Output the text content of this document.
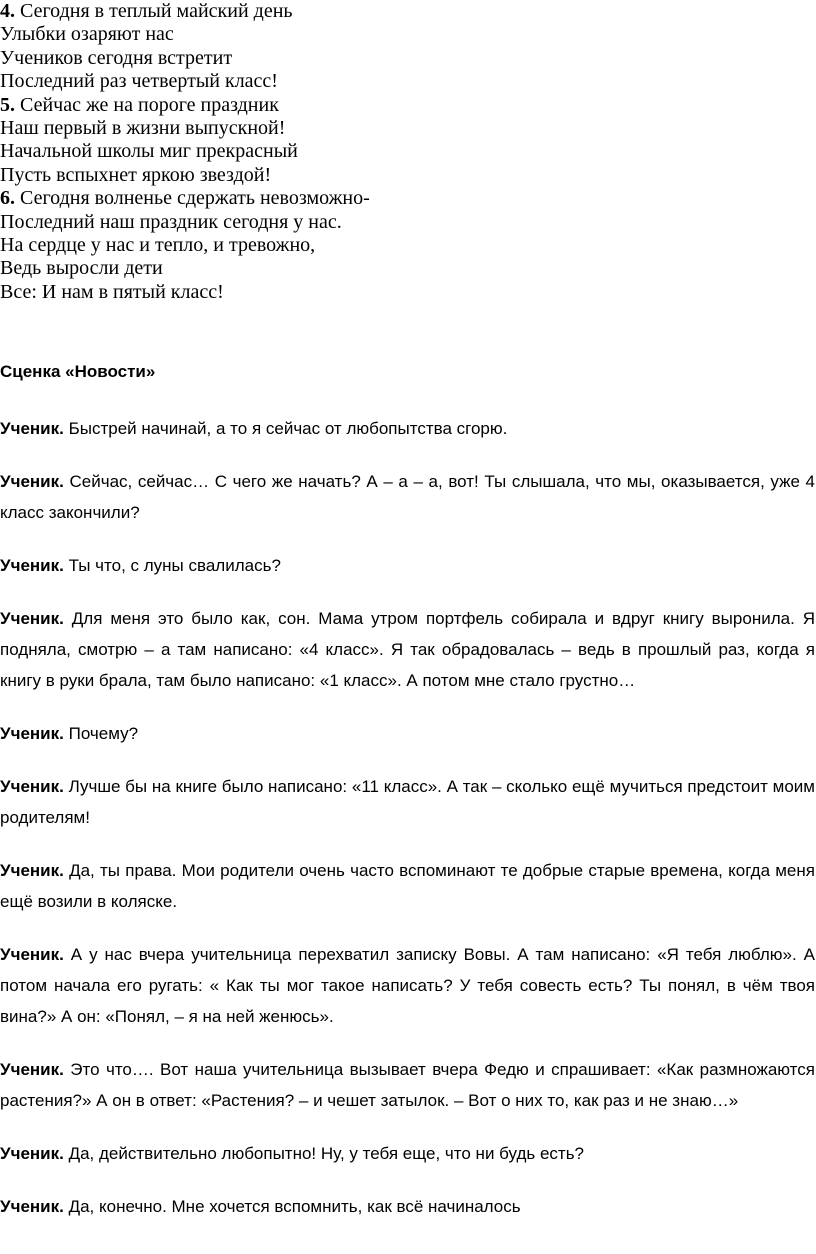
4. Сегодня в теплый майский день
Улыбки озаряют нас
Учеников сегодня встретит
Последний раз четвертый класс!
5. Сейчас же на пороге праздник
Наш первый в жизни выпускной!
Начальной школы миг прекрасный
Пусть вспыхнет яркою звездой!
6. Сегодня волненье сдержать невозможно-
Последний наш праздник сегодня у нас.
На сердце у нас и тепло, и тревожно,
Ведь выросли дети
Все: И нам в пятый класс!

Сценка «Новости»

Ученик. Быстрей начинай, а то я сейчас от любопытства сгорю.

Ученик. Сейчас, сейчас… С чего же начать? А – а – а, вот! Ты слышала, что мы, оказывается, уже 4 класс закончили?

Ученик. Ты что, с луны свалилась?

Ученик. Для меня это было как, сон. Мама утром портфель собирала и вдруг книгу выронила. Я подняла, смотрю – а там написано: «4 класс». Я так обрадовалась – ведь в прошлый раз, когда я книгу в руки брала, там было написано: «1 класс». А потом мне стало грустно…

Ученик. Почему?

Ученик. Лучше бы на книге было написано: «11 класс». А так – сколько ещё мучиться предстоит моим родителям!

Ученик. Да, ты права. Мои родители очень часто вспоминают те добрые старые времена, когда меня ещё возили в коляске.

Ученик. А у нас вчера учительница перехватил записку Вовы. А там написано: «Я тебя люблю». А потом начала его ругать: « Как ты мог такое написать? У тебя совесть есть? Ты понял, в чём твоя вина?» А он: «Понял, – я на ней женюсь».

Ученик. Это что…. Вот наша учительница вызывает вчера Федю и спрашивает: «Как размножаются растения?» А он в ответ: «Растения? – и чешет затылок. – Вот о них то, как раз и не знаю…»

Ученик. Да, действительно любопытно! Ну, у тебя еще, что ни будь есть?

Ученик. Да, конечно. Мне хочется вспомнить, как всё начиналось
